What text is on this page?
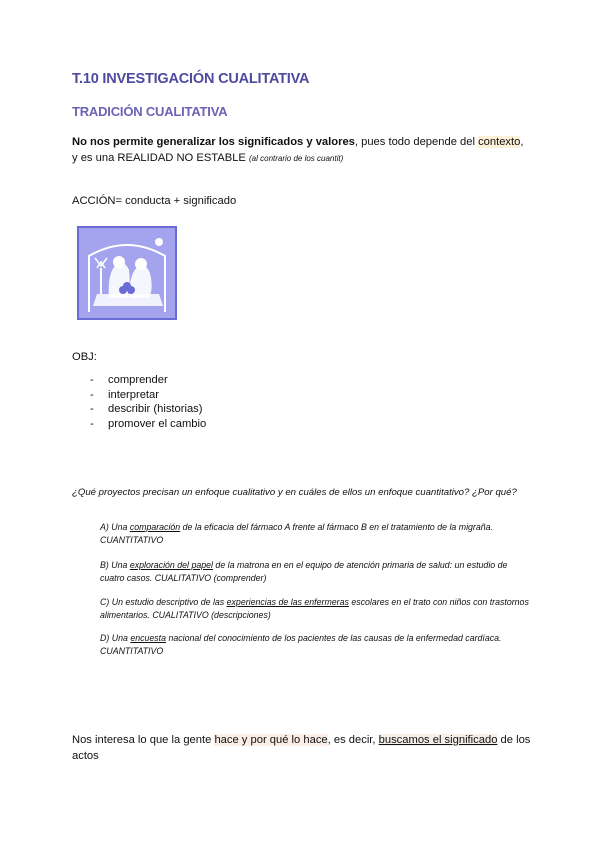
T.10 INVESTIGACIÓN CUALITATIVA
TRADICIÓN CUALITATIVA
No nos permite generalizar los significados y valores, pues todo depende del contexto,
y es una REALIDAD NO ESTABLE (al contrario de los cuantit)
ACCIÓN= conducta + significado
OBJ:
- comprender
- interpretar
- describir (historias)
- promover el cambio
¿Qué proyectos precisan un enfoque cualitativo y en cuáles de ellos un enfoque cuantitativo? ¿Por qué?
A) Una comparación de la eficacia del fármaco A frente al fármaco B en el tratamiento de la migraña. CUANTITATIVO
B) Una exploración del papel de la matrona en en el equipo de atención primaria de salud: un estudio de cuatro casos. CUALITATIVO (comprender)
C) Un estudio descriptivo de las experiencias de las enfermeras escolares en el trato con niños con trastornos alimentarios. CUALITATIVO (descripciones)
D) Una encuesta nacional del conocimiento de los pacientes de las causas de la enfermedad cardíaca. CUANTITATIVO
Nos interesa lo que la gente hace y por qué lo hace, es decir, buscamos el significado de los actos
